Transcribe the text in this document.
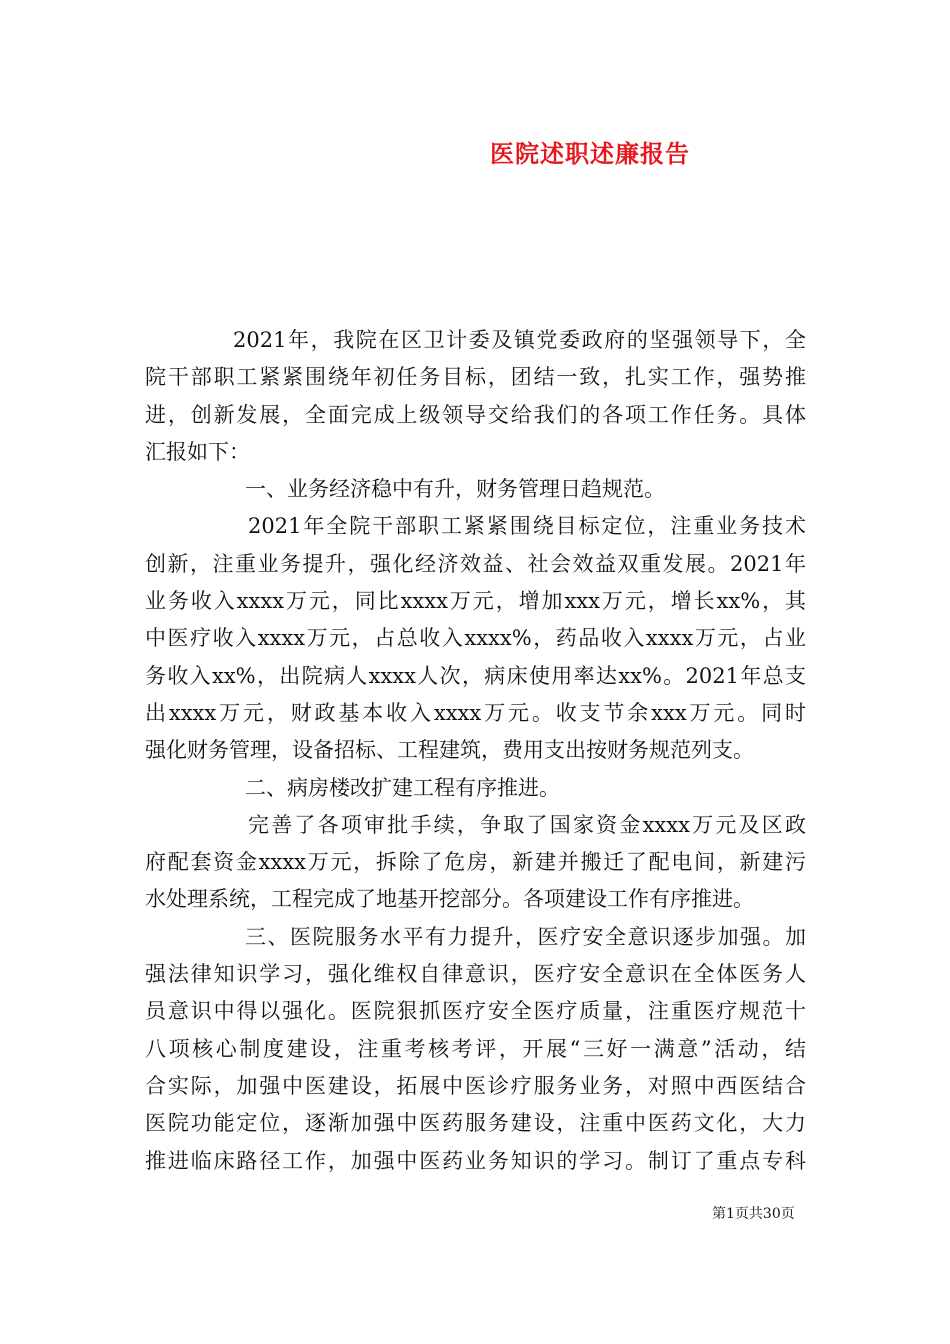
医院述职述廉报告
2021年，我院在区卫计委及镇党委政府的坚强领导下，全
院干部职工紧紧围绕年初任务目标，团结一致，扎实工作，强势推
进，创新发展，全面完成上级领导交给我们的各项工作任务。具体
汇报如下：
一、业务经济稳中有升，财务管理日趋规范。
2021年全院干部职工紧紧围绕目标定位，注重业务技术
创新，注重业务提升，强化经济效益、社会效益双重发展。2021年
业务收入xxxx万元，同比xxxx万元，增加xxx万元，增长xx%，其
中医疗收入xxxx万元，占总收入xxxx%，药品收入xxxx万元，占业
务收入xx%，出院病人xxxx人次，病床使用率达xx%。2021年总支
出xxxx万元，财政基本收入xxxx万元。收支节余xxx万元。同时
强化财务管理，设备招标、工程建筑，费用支出按财务规范列支。
二、病房楼改扩建工程有序推进。
完善了各项审批手续，争取了国家资金xxxx万元及区政
府配套资金xxxx万元，拆除了危房，新建并搬迁了配电间，新建污
水处理系统，工程完成了地基开挖部分。各项建设工作有序推进。
三、医院服务水平有力提升，医疗安全意识逐步加强。加
强法律知识学习，强化维权自律意识，医疗安全意识在全体医务人
员意识中得以强化。医院狠抓医疗安全医疗质量，注重医疗规范十
八项核心制度建设，注重考核考评，开展“三好一满意”活动，结
合实际，加强中医建设，拓展中医诊疗服务业务，对照中西医结合
医院功能定位，逐渐加强中医药服务建设，注重中医药文化，大力
推进临床路径工作，加强中医药业务知识的学习。制订了重点专科
第1页共30页
